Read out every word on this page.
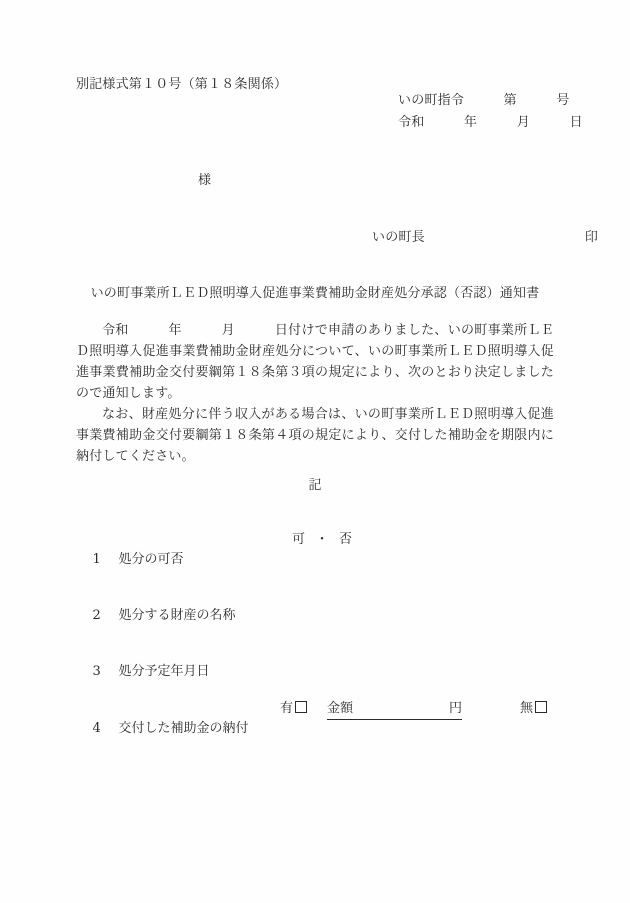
別記様式第１０号（第１８条関係）
いの町指令　　　第　　　号
令和　　　年　　　月　　　日
様
いの町長	印
いの町事業所ＬＥＤ照明導入促進事業費補助金財産処分承認（否認）通知書
令和　　　年　　　月　　　日付けで申請のありました、いの町事業所ＬＥＤ照明導入促進事業費補助金財産処分について、いの町事業所ＬＥＤ照明導入促進事業費補助金交付要綱第１８条第３項の規定により、次のとおり決定しましたので通知します。
なお、財産処分に伴う収入がある場合は、いの町事業所ＬＥＤ照明導入促進事業費補助金交付要綱第１８条第４項の規定により、交付した補助金を期限内に納付してください。
記

1 処分の可否

可 ・ 否

2 処分する財産の名称

3 処分予定年月日

4 交付した補助金の納付

有	金額	円	無
